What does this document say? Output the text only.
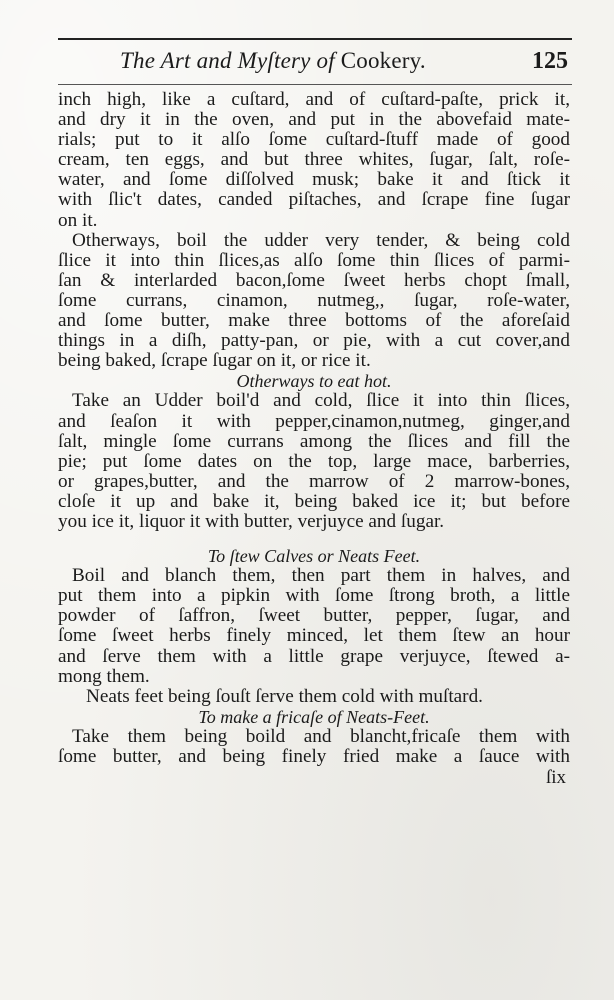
The Art and Myſtery of Cookery.	125
inch high, like a cuſtard, and of cuſtard-paſte, prick it,
and dry it in the oven, and put in the abovefaid mate-
rials; put to it alſo ſome cuſtard-ſtuff made of good
cream, ten eggs, and but three whites, ſugar, ſalt, roſe-
water, and ſome diſſolved musk; bake it and ſtick it
with ſlic't dates, canded piſtaches, and ſcrape fine ſugar
on it.
Otherways, boil the udder very tender, & being cold
ſlice it into thin ſlices,as alſo ſome thin ſlices of parmi-
ſan & interlarded bacon,ſome ſweet herbs chopt ſmall,
ſome currans, cinamon, nutmeg,, ſugar, roſe-water,
and ſome butter, make three bottoms of the aforeſaid
things in a diſh, patty-pan, or pie, with a cut cover,and
being baked, ſcrape ſugar on it, or rice it.
Otherways to eat hot.
Take an Udder boil'd and cold, ſlice it into thin ſlices,
and ſeaſon it with pepper,cinamon,nutmeg, ginger,and
ſalt, mingle ſome currans among the ſlices and fill the
pie; put ſome dates on the top, large mace, barberries,
or grapes,butter, and the marrow of 2 marrow-bones,
cloſe it up and bake it, being baked ice it; but before
you ice it, liquor it with butter, verjuyce and ſugar.
To ſtew Calves or Neats Feet.
Boil and blanch them, then part them in halves, and
put them into a pipkin with ſome ſtrong broth, a little
powder of ſaffron, ſweet butter, pepper, ſugar, and
ſome ſweet herbs finely minced, let them ſtew an hour
and ſerve them with a little grape verjuyce, ſtewed a-
mong them.
Neats feet being ſouſt ſerve them cold with muſtard.
To make a fricaſe of Neats-Feet.
Take them being boild and blancht,fricaſe them with
ſome butter, and being finely fried make a ſauce with
ſix
